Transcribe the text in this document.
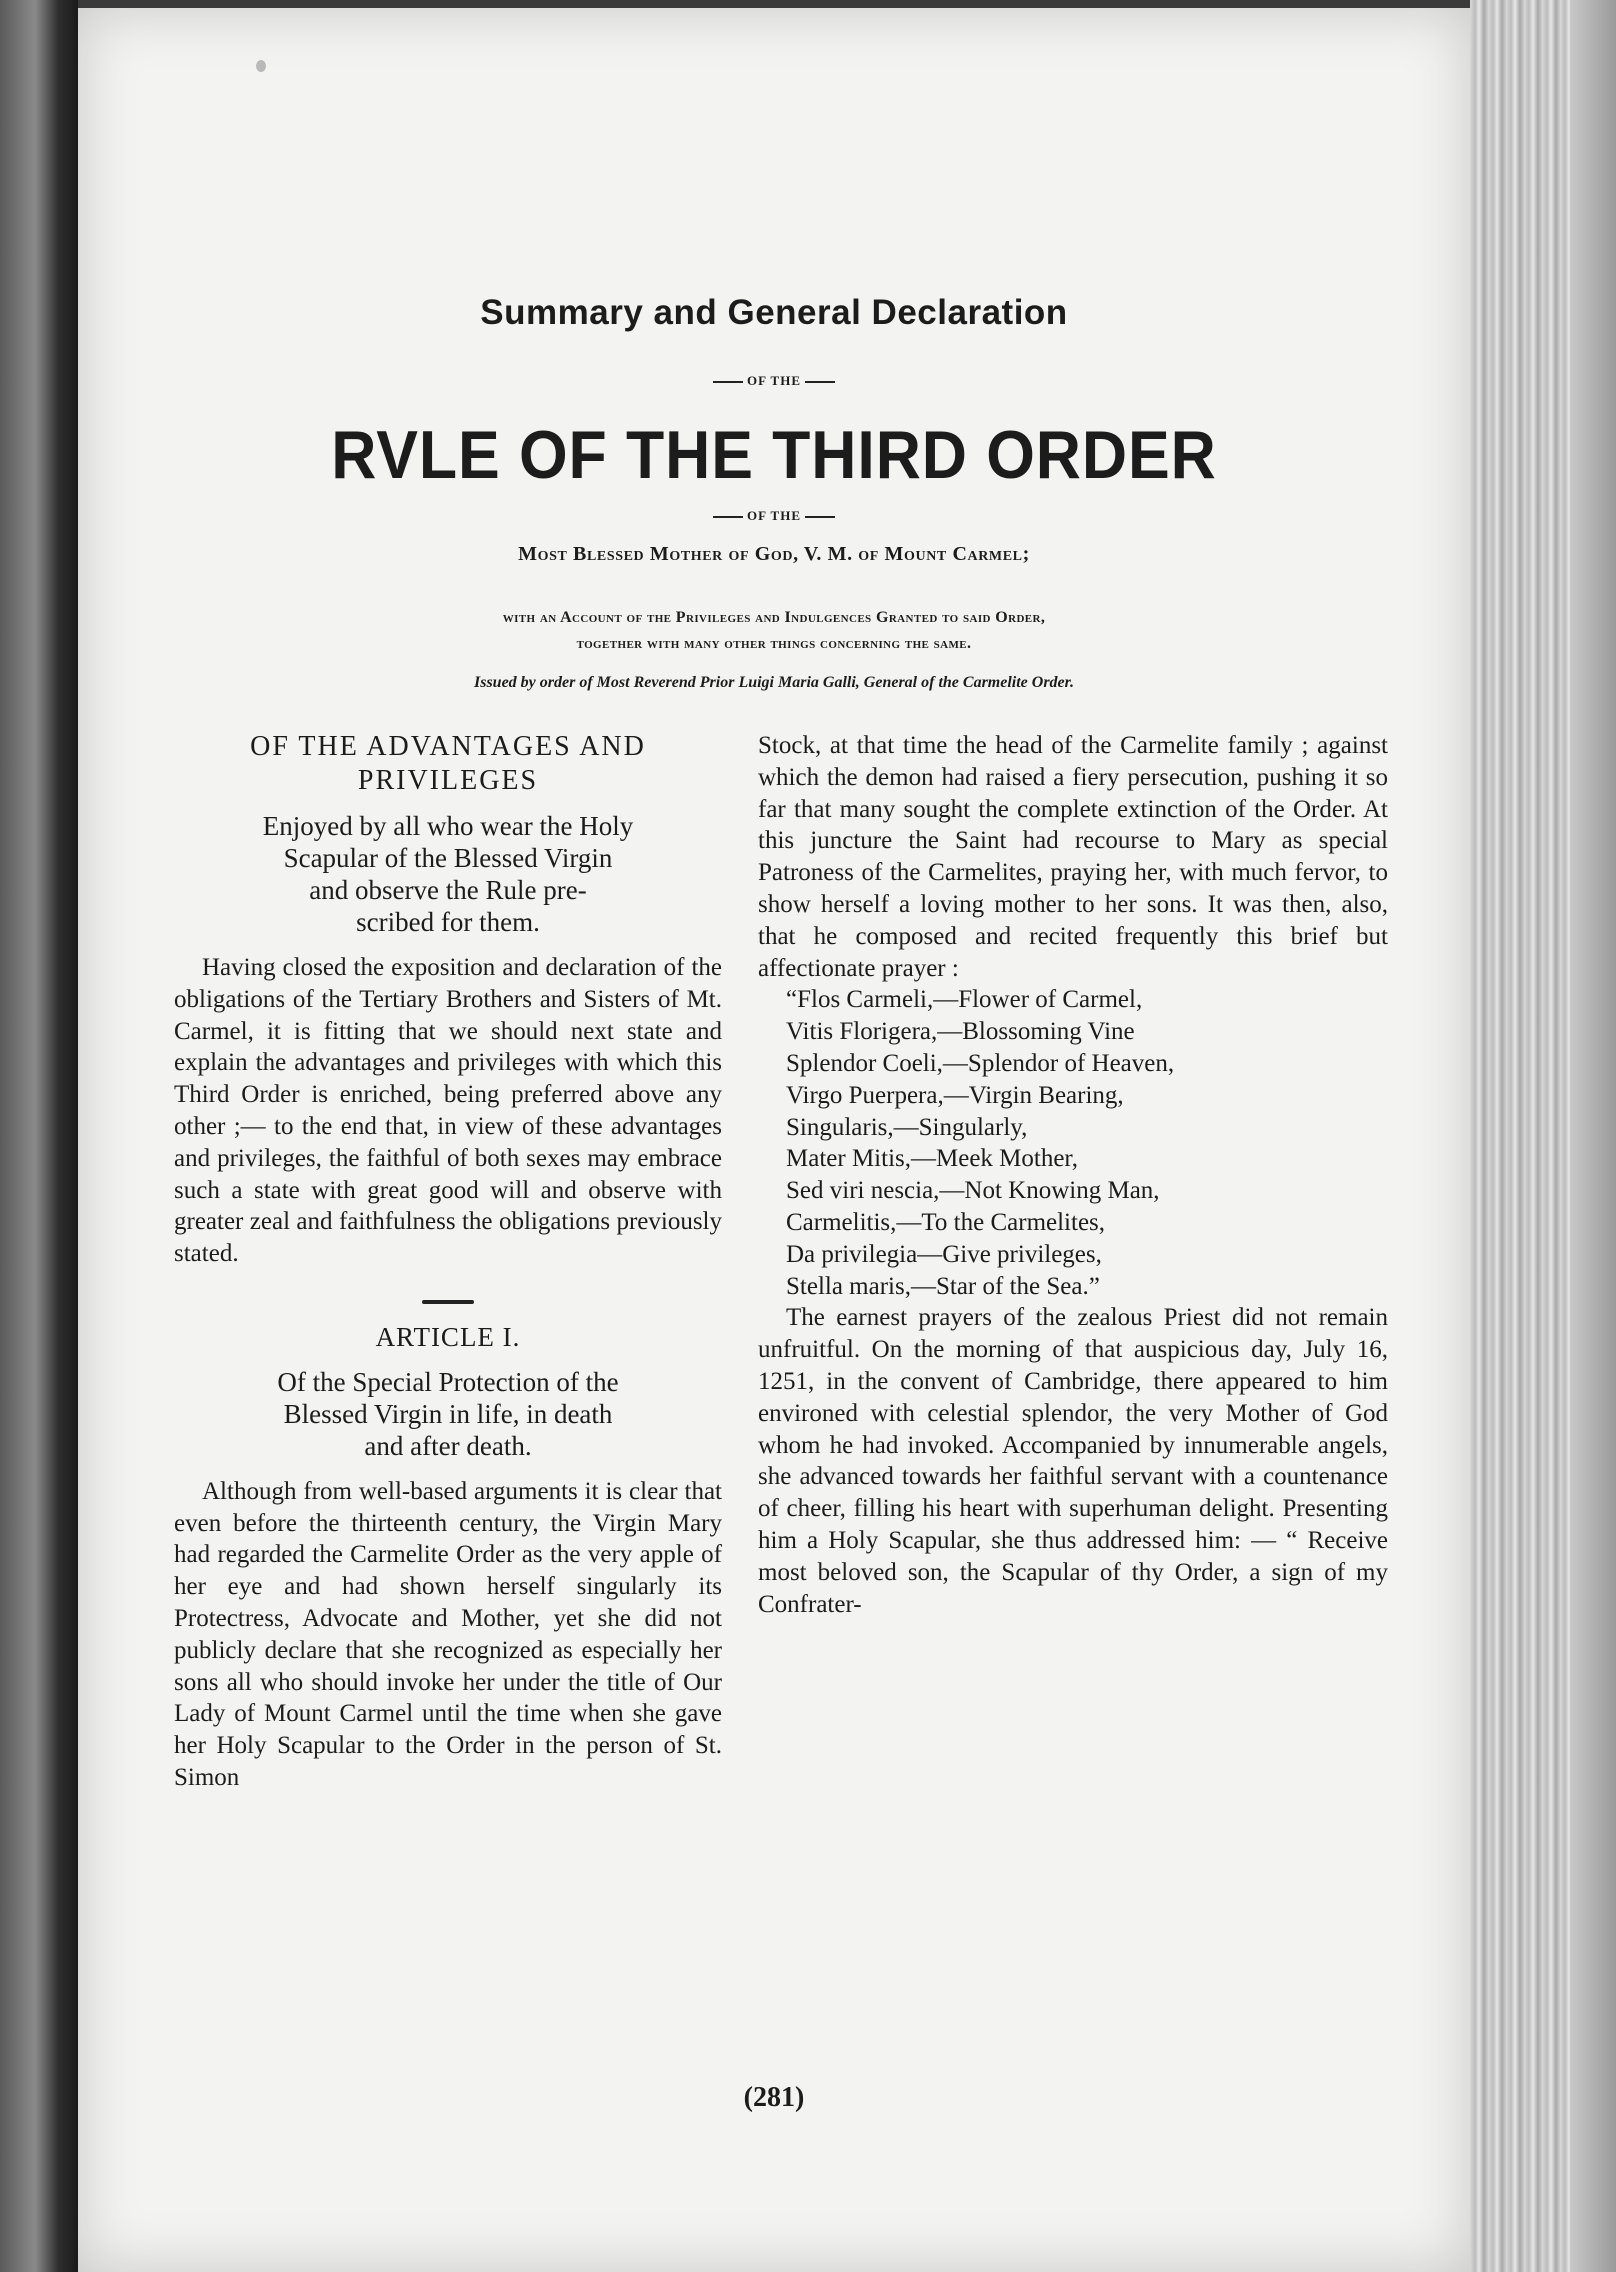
Summary and General Declaration
OF THE
RVLE OF THE THIRD ORDER
OF THE
Most Blessed Mother of God, V. M. of Mount Carmel;
with an Account of the Privileges and Indulgences Granted to said Order,
together with many other things concerning the same.
Issued by order of Most Reverend Prior Luigi Maria Galli, General of the Carmelite Order.

OF THE ADVANTAGES AND
PRIVILEGES

Enjoyed by all who wear the Holy
Scapular of the Blessed Virgin
and observe the Rule pre-
scribed for them.

Having closed the exposition and declaration of the obligations of the Tertiary Brothers and Sisters of Mt. Carmel, it is fitting that we should next state and explain the advantages and privileges with which this Third Order is enriched, being preferred above any other ;— to the end that, in view of these advantages and privileges, the faithful of both sexes may embrace such a state with great good will and observe with greater zeal and faithfulness the obligations previously stated.

ARTICLE I.

Of the Special Protection of the
Blessed Virgin in life, in death
and after death.

Although from well-based arguments it is clear that even before the thirteenth century, the Virgin Mary had regarded the Carmelite Order as the very apple of her eye and had shown herself singularly its Protectress, Advocate and Mother, yet she did not publicly declare that she recognized as especially her sons all who should invoke her under the title of Our Lady of Mount Carmel until the time when she gave her Holy Scapular to the Order in the person of St. Simon

Stock, at that time the head of the Carmelite family ; against which the demon had raised a fiery persecution, pushing it so far that many sought the complete extinction of the Order. At this juncture the Saint had recourse to Mary as special Patroness of the Carmelites, praying her, with much fervor, to show herself a loving mother to her sons. It was then, also, that he composed and recited frequently this brief but affectionate prayer :

“Flos Carmeli,—Flower of Carmel,

Vitis Florigera,—Blossoming Vine

Splendor Coeli,—Splendor of Heaven,

Virgo Puerpera,—Virgin Bearing,

Singularis,—Singularly,

Mater Mitis,—Meek Mother,

Sed viri nescia,—Not Knowing Man,

Carmelitis,—To the Carmelites,

Da privilegia—Give privileges,

Stella maris,—Star of the Sea.”

The earnest prayers of the zealous Priest did not remain unfruitful. On the morning of that auspicious day, July 16, 1251, in the convent of Cambridge, there appeared to him environed with celestial splendor, the very Mother of God whom he had invoked. Accompanied by innumerable angels, she advanced towards her faithful servant with a countenance of cheer, filling his heart with superhuman delight. Presenting him a Holy Scapular, she thus addressed him: — “ Receive most beloved son, the Scapular of thy Order, a sign of my Confrater-

(281)
